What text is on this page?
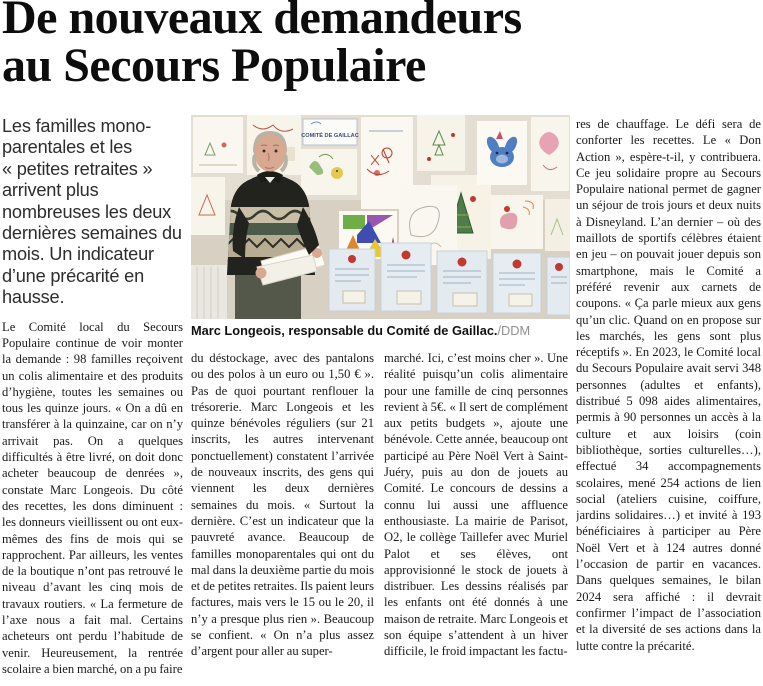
De nouveaux demandeurs
au Secours Populaire

Les familles monoparentales et les « petites retraites » arrivent plus nombreuses les deux dernières semaines du mois. Un indicateur d’une précarité en hausse.

Le Comité local du Secours Populaire continue de voir monter la demande : 98 familles reçoivent un colis alimentaire et des produits d’hygiène, toutes les semaines ou tous les quinze jours. « On a dû en transférer à la quinzaine, car on n’y arrivait pas. On a quelques difficultés à être livré, on doit donc acheter beaucoup de denrées », constate Marc Longeois. Du côté des recettes, les dons diminuent : les donneurs vieillissent ou ont eux-mêmes des fins de mois qui se rapprochent. Par ailleurs, les ventes de la boutique n’ont pas retrouvé le niveau d’avant les cinq mois de travaux routiers. « La fermeture de l’axe nous a fait mal. Certains acheteurs ont perdu l’habitude de venir. Heureusement, la rentrée scolaire a bien marché, on a pu faire

COMITÉ DE GAILLAC
Marc Longeois, responsable du Comité de Gaillac./DDM

du déstockage, avec des pantalons ou des polos à un euro ou 1,50 € ». Pas de quoi pourtant renflouer la trésorerie. Marc Longeois et les quinze bénévoles réguliers (sur 21 inscrits, les autres intervenant ponctuellement) constatent l’arrivée de nouveaux inscrits, des gens qui viennent les deux dernières semaines du mois. « Surtout la dernière. C’est un indicateur que la pauvreté avance. Beaucoup de familles monoparentales qui ont du mal dans la deuxième partie du mois et de petites retraites. Ils paient leurs factures, mais vers le 15 ou le 20, il n’y a presque plus rien ». Beaucoup se confient. « On n’a plus assez d’argent pour aller au super-

marché. Ici, c’est moins cher ». Une réalité puisqu’un colis alimentaire pour une famille de cinq personnes revient à 5€. « Il sert de complément aux petits budgets », ajoute une bénévole. Cette année, beaucoup ont participé au Père Noël Vert à Saint-Juéry, puis au don de jouets au Comité. Le concours de dessins a connu lui aussi une affluence enthousiaste. La mairie de Parisot, O2, le collège Taillefer avec Muriel Palot et ses élèves, ont approvisionné le stock de jouets à distribuer. Les dessins réalisés par les enfants ont été donnés à une maison de retraite. Marc Longeois et son équipe s’attendent à un hiver difficile, le froid impactant les factu-

res de chauffage. Le défi sera de conforter les recettes. Le « Don Action », espère-t-il, y contribuera. Ce jeu solidaire propre au Secours Populaire national permet de gagner un séjour de trois jours et deux nuits à Disneyland. L’an dernier – où des maillots de sportifs célèbres étaient en jeu – on pouvait jouer depuis son smartphone, mais le Comité a préféré revenir aux carnets de coupons. « Ça parle mieux aux gens qu’un clic. Quand on en propose sur les marchés, les gens sont plus réceptifs ». En 2023, le Comité local du Secours Populaire avait servi 348 personnes (adultes et enfants), distribué 5 098 aides alimentaires, permis à 90 personnes un accès à la culture et aux loisirs (coin bibliothèque, sorties culturelles…), effectué 34 accompagnements scolaires, mené 254 actions de lien social (ateliers cuisine, coiffure, jardins solidaires…) et invité à 193 bénéficiaires à participer au Père Noël Vert et à 124 autres donné l’occasion de partir en vacances. Dans quelques semaines, le bilan 2024 sera affiché : il devrait confirmer l’impact de l’association et la diversité de ses actions dans la lutte contre la précarité.
